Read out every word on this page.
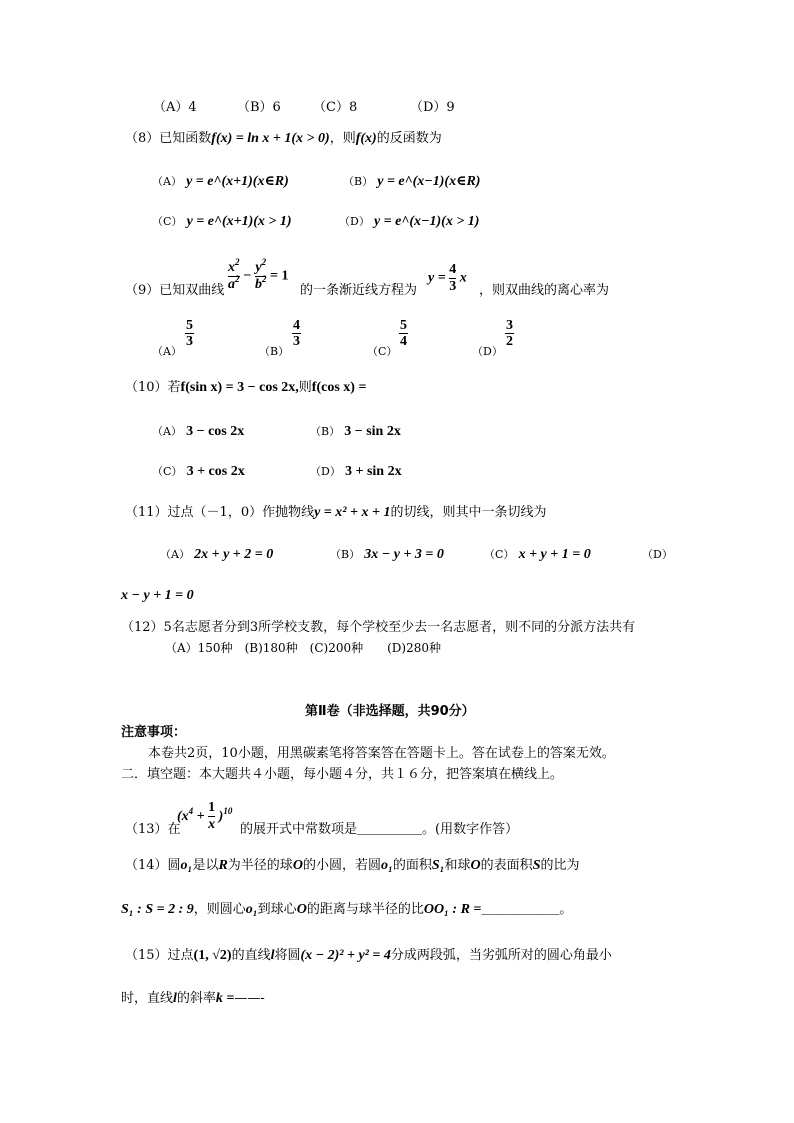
（A）4	（B）6 （C）8	（D）9
（8）已知函数f(x) = ln x + 1(x > 0)，则f(x)的反函数为
（A） y = e^(x+1)(x∈R)	（B） y = e^(x−1)(x∈R)
（C） y = e^(x+1)(x > 1)	（D） y = e^(x−1)(x > 1)
（9）已知双曲线 $\frac{x^2}{a^2} - \frac{y^2}{b^2} = 1$
的一条渐近线方程为
$y = \frac{4}{3}$ x
，则双曲线的离心率为
（A）
$\frac{5}{3}$
（B）
$\frac{4}{3}$
（C）
$\frac{5}{4}$
（D）
$\frac{3}{2}$
（10）若f(sin x) = 3 − cos 2x,则f(cos x) =
（A） 3 − cos 2x	（B） 3 − sin 2x
（C） 3 + cos 2x	（D） 3 + sin 2x
（11）过点（－1，0）作抛物线y = x² + x + 1的切线，则其中一条切线为
（A） 2x + y + 2 = 0	（B） 3x − y + 3 = 0	（C） x + y + 1 = 0	（D）
x − y + 1 = 0
（12）5名志愿者分到3所学校支教，每个学校至少去一名志愿者，则不同的分派方法共有
（A）150种　(B)180种　(C)200种　　(D)280种
第Ⅱ卷（非选择题，共90分）
注意事项：
本卷共2页，10小题，用黑碳素笔将答案答在答题卡上。答在试卷上的答案无效。
二．填空题：本大题共４小题，每小题４分，共１６分，把答案填在横线上。
（13）在
$(x^4 + \frac{1}{x} )^{10}$
的展开式中常数项是＿＿＿＿＿。(用数字作答）
（14）圆o₁是以R为半径的球O的小圆，若圆o₁的面积S₁和球O的表面积S的比为
S₁ : S = 2 : 9，则圆心o₁到球心O的距离与球半径的比OO₁ : R =＿＿＿＿＿＿。
（15）过点(1, √2)的直线l将圆(x − 2)² + y² = 4分成两段弧，当劣弧所对的圆心角最小
时，直线l的斜率k =——-
